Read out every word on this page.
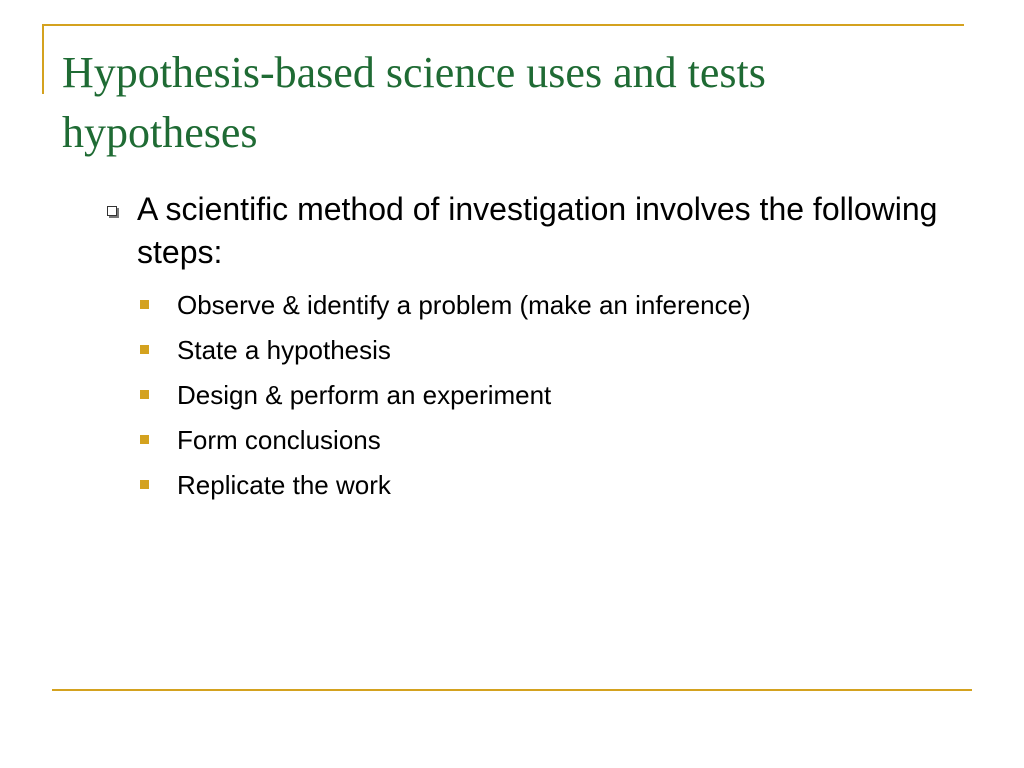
Hypothesis-based science uses and tests hypotheses
A scientific method of investigation involves the following steps:
Observe & identify a problem (make an inference)
State a hypothesis
Design & perform an experiment
Form conclusions
Replicate the work
